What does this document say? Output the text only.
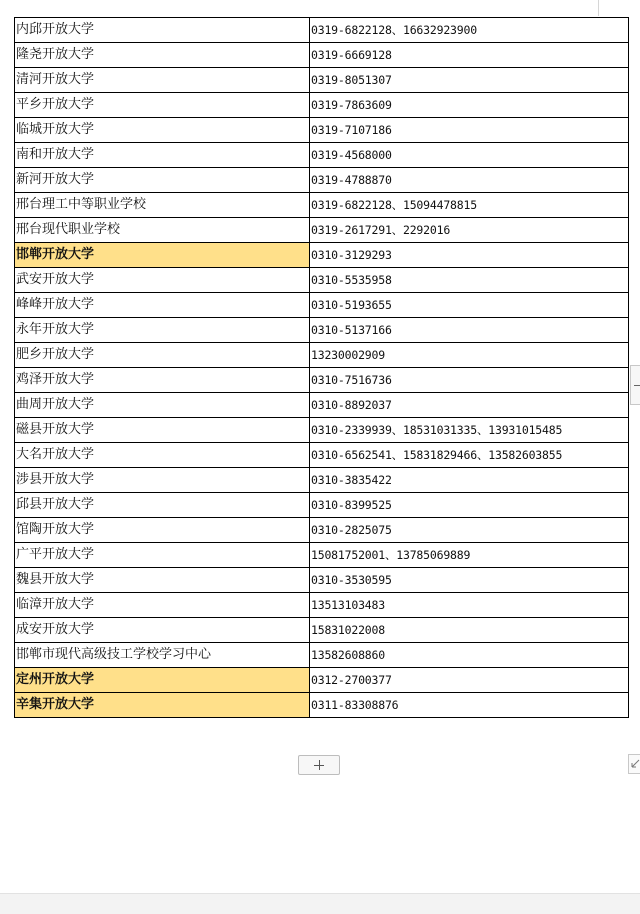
内邱开放大学	0319-6822128、16632923900
隆尧开放大学	0319-6669128
清河开放大学	0319-8051307
平乡开放大学	0319-7863609
临城开放大学	0319-7107186
南和开放大学	0319-4568000
新河开放大学	0319-4788870
邢台理工中等职业学校	0319-6822128、15094478815
邢台现代职业学校	0319-2617291、2292016
邯郸开放大学	0310-3129293
武安开放大学	0310-5535958
峰峰开放大学	0310-5193655
永年开放大学	0310-5137166
肥乡开放大学	13230002909
鸡泽开放大学	0310-7516736
曲周开放大学	0310-8892037
磁县开放大学	0310-2339939、18531031335、13931015485
大名开放大学	0310-6562541、15831829466、13582603855
涉县开放大学	0310-3835422
邱县开放大学	0310-8399525
馆陶开放大学	0310-2825075
广平开放大学	15081752001、13785069889
魏县开放大学	0310-3530595
临漳开放大学	13513103483
成安开放大学	15831022008
邯郸市现代高级技工学校学习中心	13582608860
定州开放大学	0312-2700377
辛集开放大学	0311-83308876
